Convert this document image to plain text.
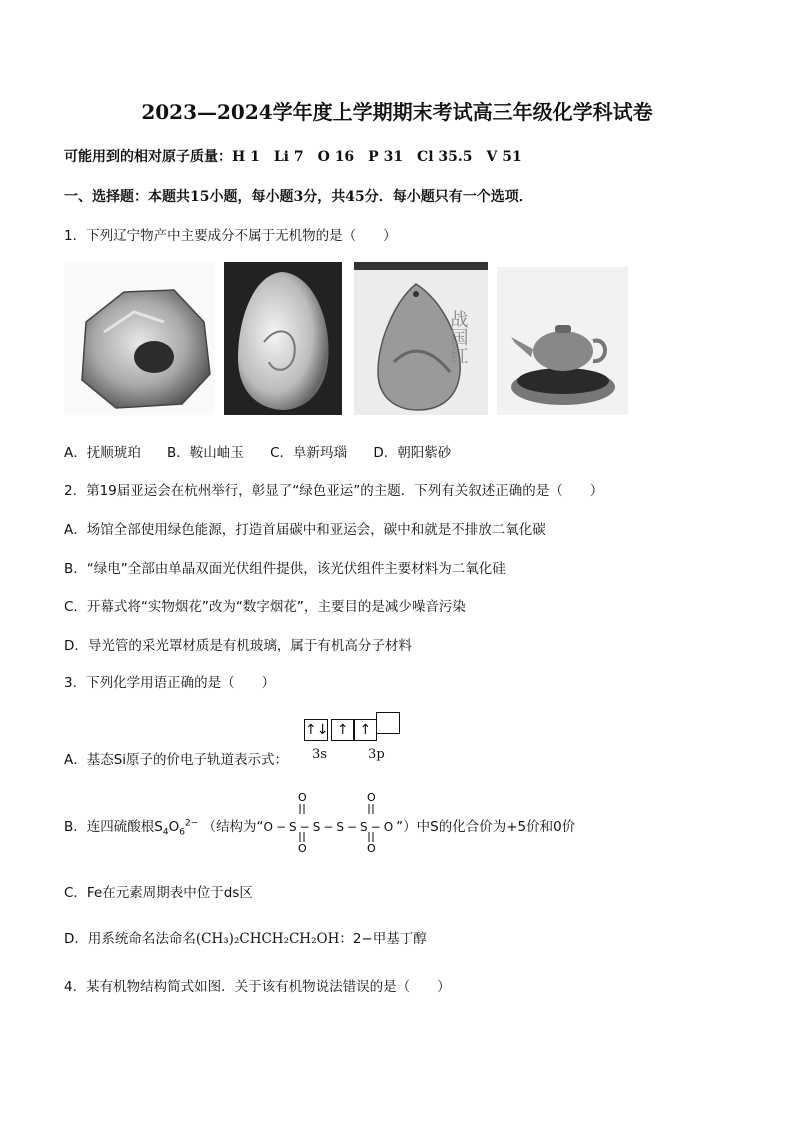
2023—2024学年度上学期期末考试高三年级化学科试卷
可能用到的相对原子质量：H 1　Li 7　O 16　P 31　Cl 35.5　V 51
一、选择题：本题共15小题，每小题3分，共45分．每小题只有一个选项．
1．下列辽宁物产中主要成分不属于无机物的是（　　）
战国红
A．抚顺琥珀 B．鞍山岫玉 C．阜新玛瑙 D．朝阳紫砂
2．第19届亚运会在杭州举行，彰显了“绿色亚运”的主题．下列有关叙述正确的是（　　）
A．场馆全部使用绿色能源，打造首届碳中和亚运会，碳中和就是不排放二氧化碳
B．“绿电”全部由单晶双面光伏组件提供，该光伏组件主要材料为二氧化硅
C．开幕式将“实物烟花”改为“数字烟花”，主要目的是减少噪音污染
D．导光管的采光罩材质是有机玻璃，属于有机高分子材料
3．下列化学用语正确的是（　　）
↑↓ ↑ ↑
3s	3p
A．基态Si原子的价电子轨道表示式：
B．连四硫酸根$S_4O_6^{2-}$ （结构为“O−S−S−S−S−O”）中S的化合价为+5价和0价
O
O
O
O
C．Fe在元素周期表中位于ds区
D．用系统命名法命名(CH₃)₂CHCH₂CH₂OH：2−甲基丁醇
4．某有机物结构简式如图．关于该有机物说法错误的是（　　）
